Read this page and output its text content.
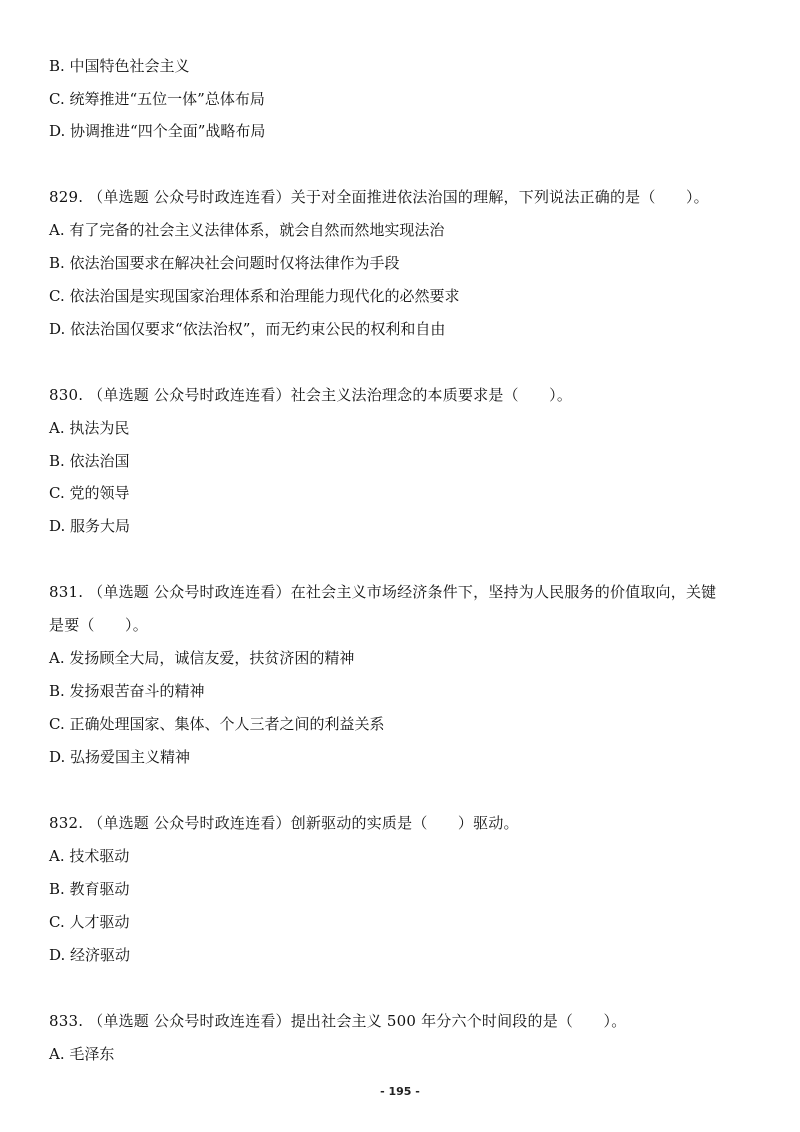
B. 中国特色社会主义
C. 统筹推进“五位一体”总体布局
D. 协调推进“四个全面”战略布局
829. （单选题 公众号时政连连看）关于对全面推进依法治国的理解，下列说法正确的是（　　）。
A. 有了完备的社会主义法律体系，就会自然而然地实现法治
B. 依法治国要求在解决社会问题时仅将法律作为手段
C. 依法治国是实现国家治理体系和治理能力现代化的必然要求
D. 依法治国仅要求“依法治权”，而无约束公民的权利和自由
830. （单选题 公众号时政连连看）社会主义法治理念的本质要求是（　　）。
A. 执法为民
B. 依法治国
C. 党的领导
D. 服务大局
831. （单选题 公众号时政连连看）在社会主义市场经济条件下，坚持为人民服务的价值取向，关键
是要（　　）。
A. 发扬顾全大局，诚信友爱，扶贫济困的精神
B. 发扬艰苦奋斗的精神
C. 正确处理国家、集体、个人三者之间的利益关系
D. 弘扬爱国主义精神
832. （单选题 公众号时政连连看）创新驱动的实质是（　　）驱动。
A. 技术驱动
B. 教育驱动
C. 人才驱动
D. 经济驱动
833. （单选题 公众号时政连连看）提出社会主义 500 年分六个时间段的是（　　）。
A. 毛泽东
- 195 -
